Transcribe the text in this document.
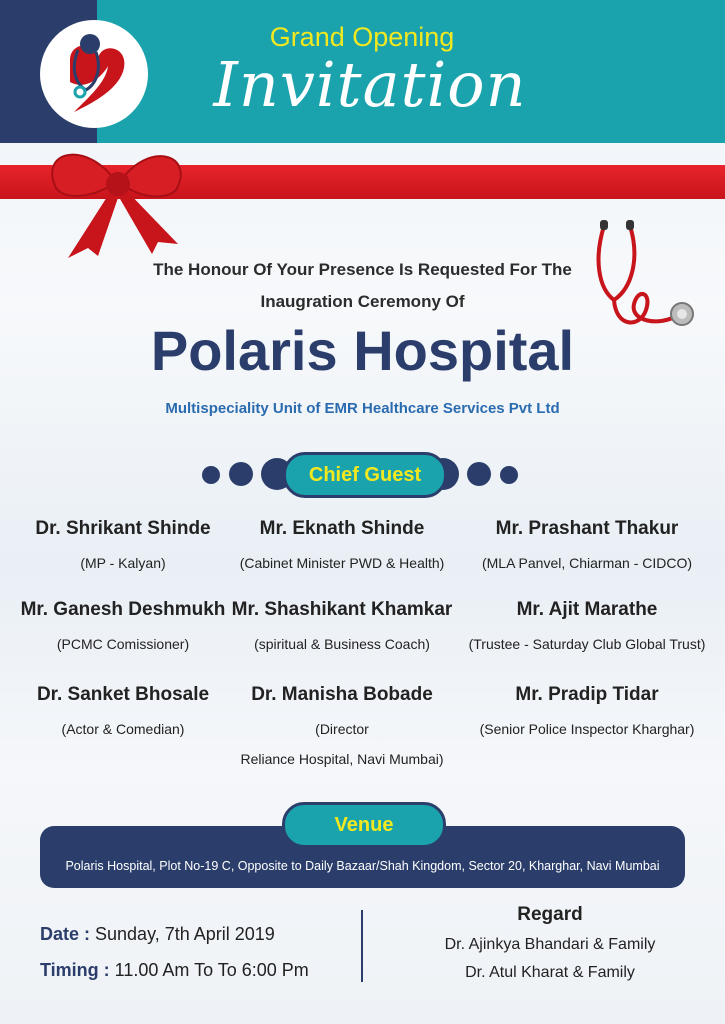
Grand Opening
Invitation
The Honour Of Your Presence Is Requested For The
Inaugration Ceremony Of
Polaris Hospital
Multispeciality Unit of EMR Healthcare Services Pvt Ltd
Chief Guest
Dr. Shrikant Shinde
(MP - Kalyan)
Mr. Eknath Shinde
(Cabinet Minister PWD & Health)
Mr. Prashant Thakur
(MLA Panvel, Chiarman - CIDCO)
Mr. Ganesh Deshmukh
(PCMC Comissioner)
Mr. Shashikant Khamkar
(spiritual & Business Coach)
Mr. Ajit Marathe
(Trustee - Saturday Club Global Trust)
Dr. Sanket Bhosale
(Actor & Comedian)
Dr. Manisha Bobade
(Director
Reliance Hospital, Navi Mumbai)
Mr. Pradip Tidar
(Senior Police Inspector Kharghar)
Venue
Polaris Hospital, Plot No-19 C, Opposite to Daily Bazaar/Shah Kingdom, Sector 20, Kharghar, Navi Mumbai
Date : Sunday, 7th April 2019
Timing : 11.00 Am To To 6:00 Pm
Regard
Dr. Ajinkya Bhandari & Family
Dr. Atul Kharat & Family
